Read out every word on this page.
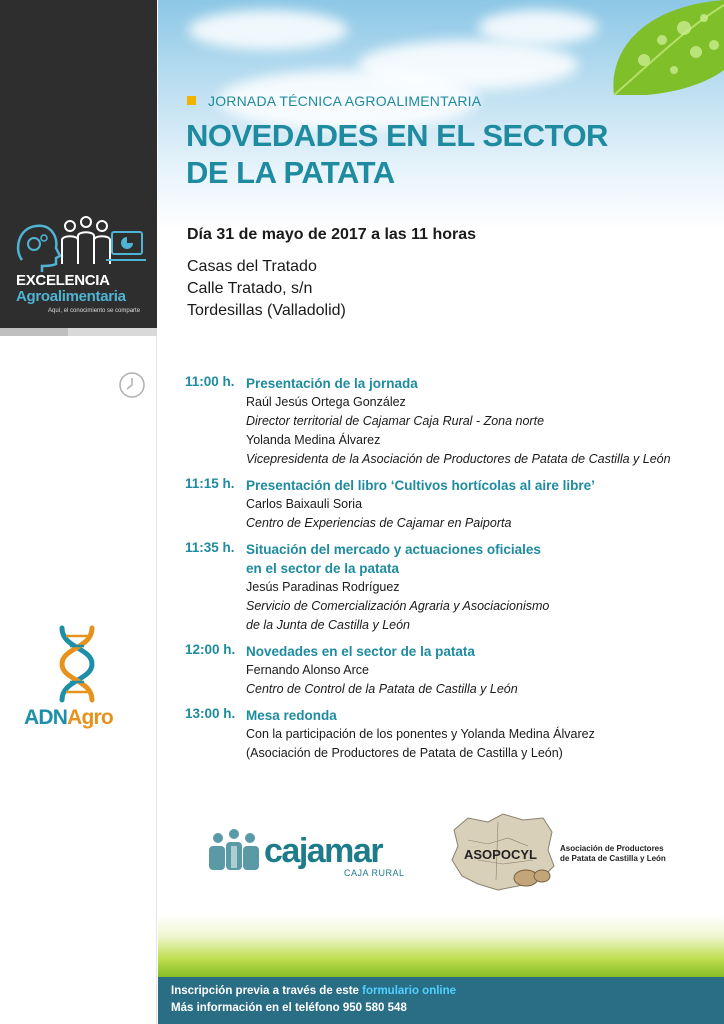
EXCELENCIA
Agroalimentaria
Aquí, el conocimiento se comparte
ADNAgro
JORNADA TÉCNICA AGROALIMENTARIA
NOVEDADES EN EL SECTOR
DE LA PATATA
Día 31 de mayo de 2017 a las 11 horas
Casas del Tratado
Calle Tratado, s/n
Tordesillas (Valladolid)
11:00 h. Presentación de la jornada
Raúl Jesús Ortega González
Director territorial de Cajamar Caja Rural - Zona norte
Yolanda Medina Álvarez
Vicepresidenta de la Asociación de Productores de Patata de Castilla y León
11:15 h. Presentación del libro ‘Cultivos hortícolas al aire libre’
Carlos Baixauli Soria
Centro de Experiencias de Cajamar en Paiporta
11:35 h. Situación del mercado y actuaciones oficiales
en el sector de la patata
Jesús Paradinas Rodríguez
Servicio de Comercialización Agraria y Asociacionismo
de la Junta de Castilla y León
12:00 h. Novedades en el sector de la patata
Fernando Alonso Arce
Centro de Control de la Patata de Castilla y León
13:00 h. Mesa redonda
Con la participación de los ponentes y Yolanda Medina Álvarez
(Asociación de Productores de Patata de Castilla y León)
cajamar
CAJA RURAL
ASOPOCYL	Asociación de Productores
de Patata de Castilla y León
Inscripción previa a través de este formulario online
Más información en el teléfono 950 580 548
